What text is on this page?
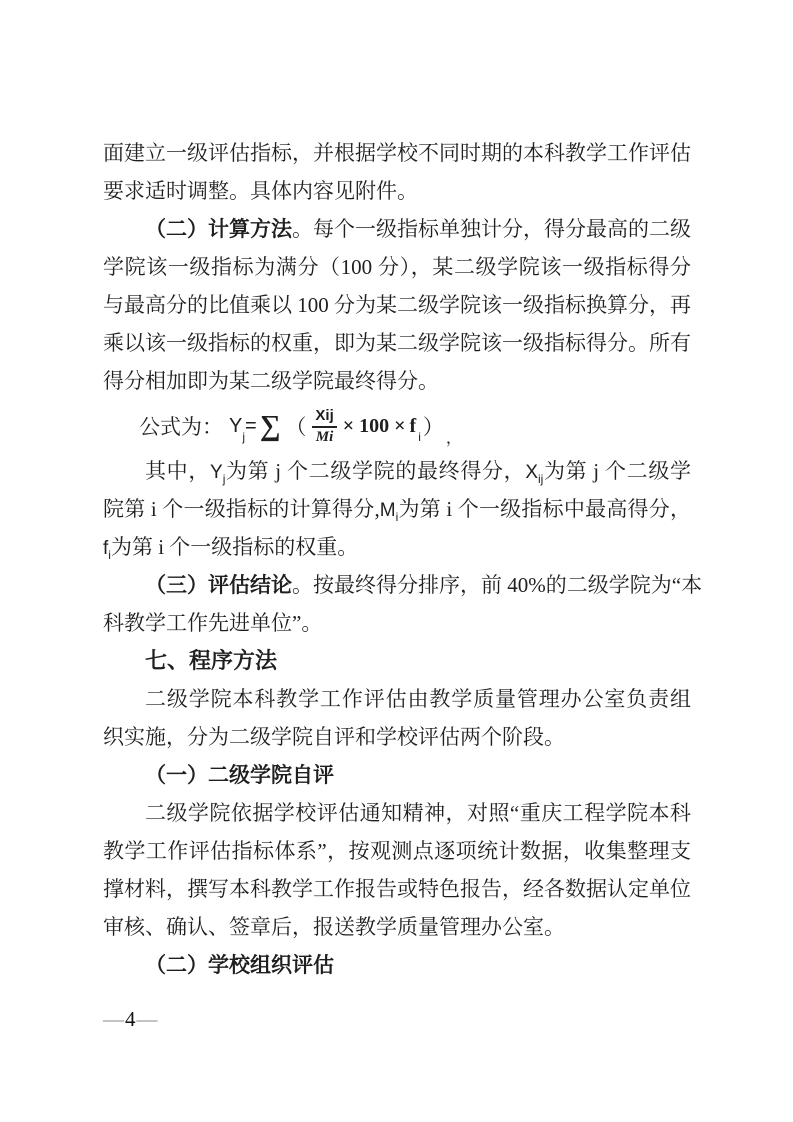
面建立一级评估指标，并根据学校不同时期的本科教学工作评估
要求适时调整。具体内容见附件。
（二）计算方法。每个一级指标单独计分，得分最高的二级
学院该一级指标为满分（100 分），某二级学院该一级指标得分
与最高分的比值乘以 100 分为某二级学院该一级指标换算分，再
乘以该一级指标的权重，即为某二级学院该一级指标得分。所有
得分相加即为某二级学院最终得分。
公式为： Y
j
= ∑ （ $\frac{\text{Xij}}{Mi} \times 100 \times f$
i ） ，
其中，$Y_j$为第 j 个二级学院的最终得分，$X_{ij}$为第 j 个二级学
院第 i 个一级指标的计算得分$,M_i$为第 i 个一级指标中最高得分，
$f_i$为第 i 个一级指标的权重。
（三）评估结论。按最终得分排序，前 40%的二级学院为“本
科教学工作先进单位”。
七、程序方法
二级学院本科教学工作评估由教学质量管理办公室负责组
织实施，分为二级学院自评和学校评估两个阶段。
（一）二级学院自评
二级学院依据学校评估通知精神，对照“重庆工程学院本科
教学工作评估指标体系”，按观测点逐项统计数据，收集整理支
撑材料，撰写本科教学工作报告或特色报告，经各数据认定单位
审核、确认、签章后，报送教学质量管理办公室。
（二）学校组织评估
—4—
